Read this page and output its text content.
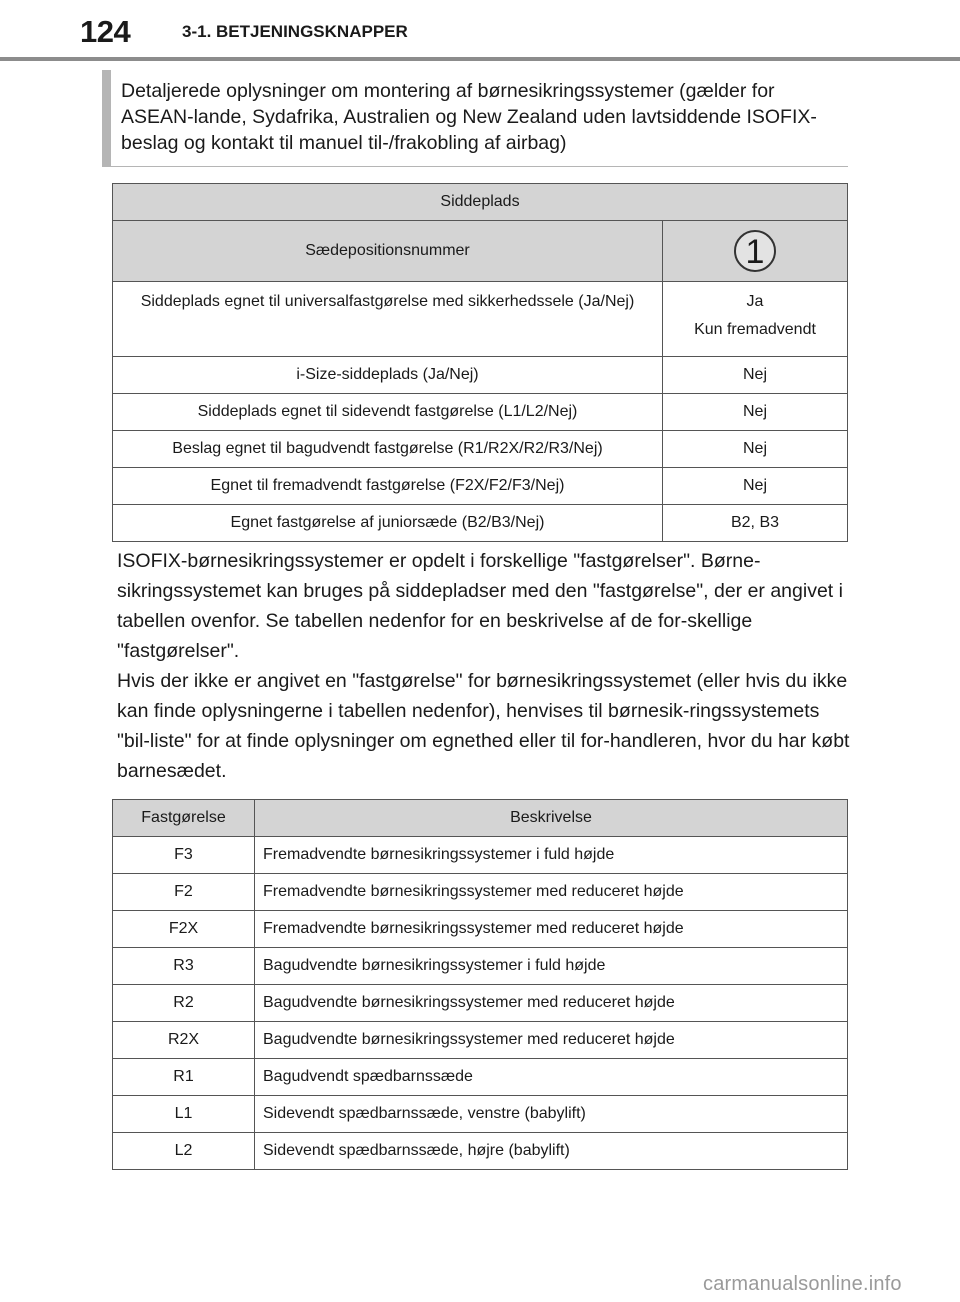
124	3-1. BETJENINGSKNAPPER
Detaljerede oplysninger om montering af børnesikringssystemer (gælder for ASEAN-lande, Sydafrika, Australien og New Zealand uden lavtsiddende ISOFIX-beslag og kontakt til manuel til-/frakobling af airbag)
Siddeplads	
Sædepositionsnummer	1
Siddeplads egnet til universalfastgørelse med sikkerhedssele (Ja/Nej)	Ja
Kun fremadvendt

i-Size-siddeplads (Ja/Nej)	Nej
Siddeplads egnet til sidevendt fastgørelse (L1/L2/Nej)	Nej
Beslag egnet til bagudvendt fastgørelse (R1/R2X/R2/R3/Nej)	Nej
Egnet til fremadvendt fastgørelse (F2X/F2/F3/Nej)	Nej
Egnet fastgørelse af juniorsæde (B2/B3/Nej)	B2, B3

ISOFIX-børnesikringssystemer er opdelt i forskellige "fastgørelser". Børne-sikringssystemet kan bruges på siddepladser med den "fastgørelse", der er angivet i tabellen ovenfor. Se tabellen nedenfor for en beskrivelse af de for-skellige "fastgørelser".

Hvis der ikke er angivet en "fastgørelse" for børnesikringssystemet (eller hvis du ikke kan finde oplysningerne i tabellen nedenfor), henvises til børnesik-ringssystemets "bil-liste" for at finde oplysninger om egnethed eller til for-handleren, hvor du har købt barnesædet.

Fastgørelse	Beskrivelse
F3	Fremadvendte børnesikringssystemer i fuld højde
F2	Fremadvendte børnesikringssystemer med reduceret højde
F2X	Fremadvendte børnesikringssystemer med reduceret højde
R3	Bagudvendte børnesikringssystemer i fuld højde
R2	Bagudvendte børnesikringssystemer med reduceret højde
R2X	Bagudvendte børnesikringssystemer med reduceret højde
R1	Bagudvendt spædbarnssæde
L1	Sidevendt spædbarnssæde, venstre (babylift)
L2	Sidevendt spædbarnssæde, højre (babylift)
carmanualsonline.info
